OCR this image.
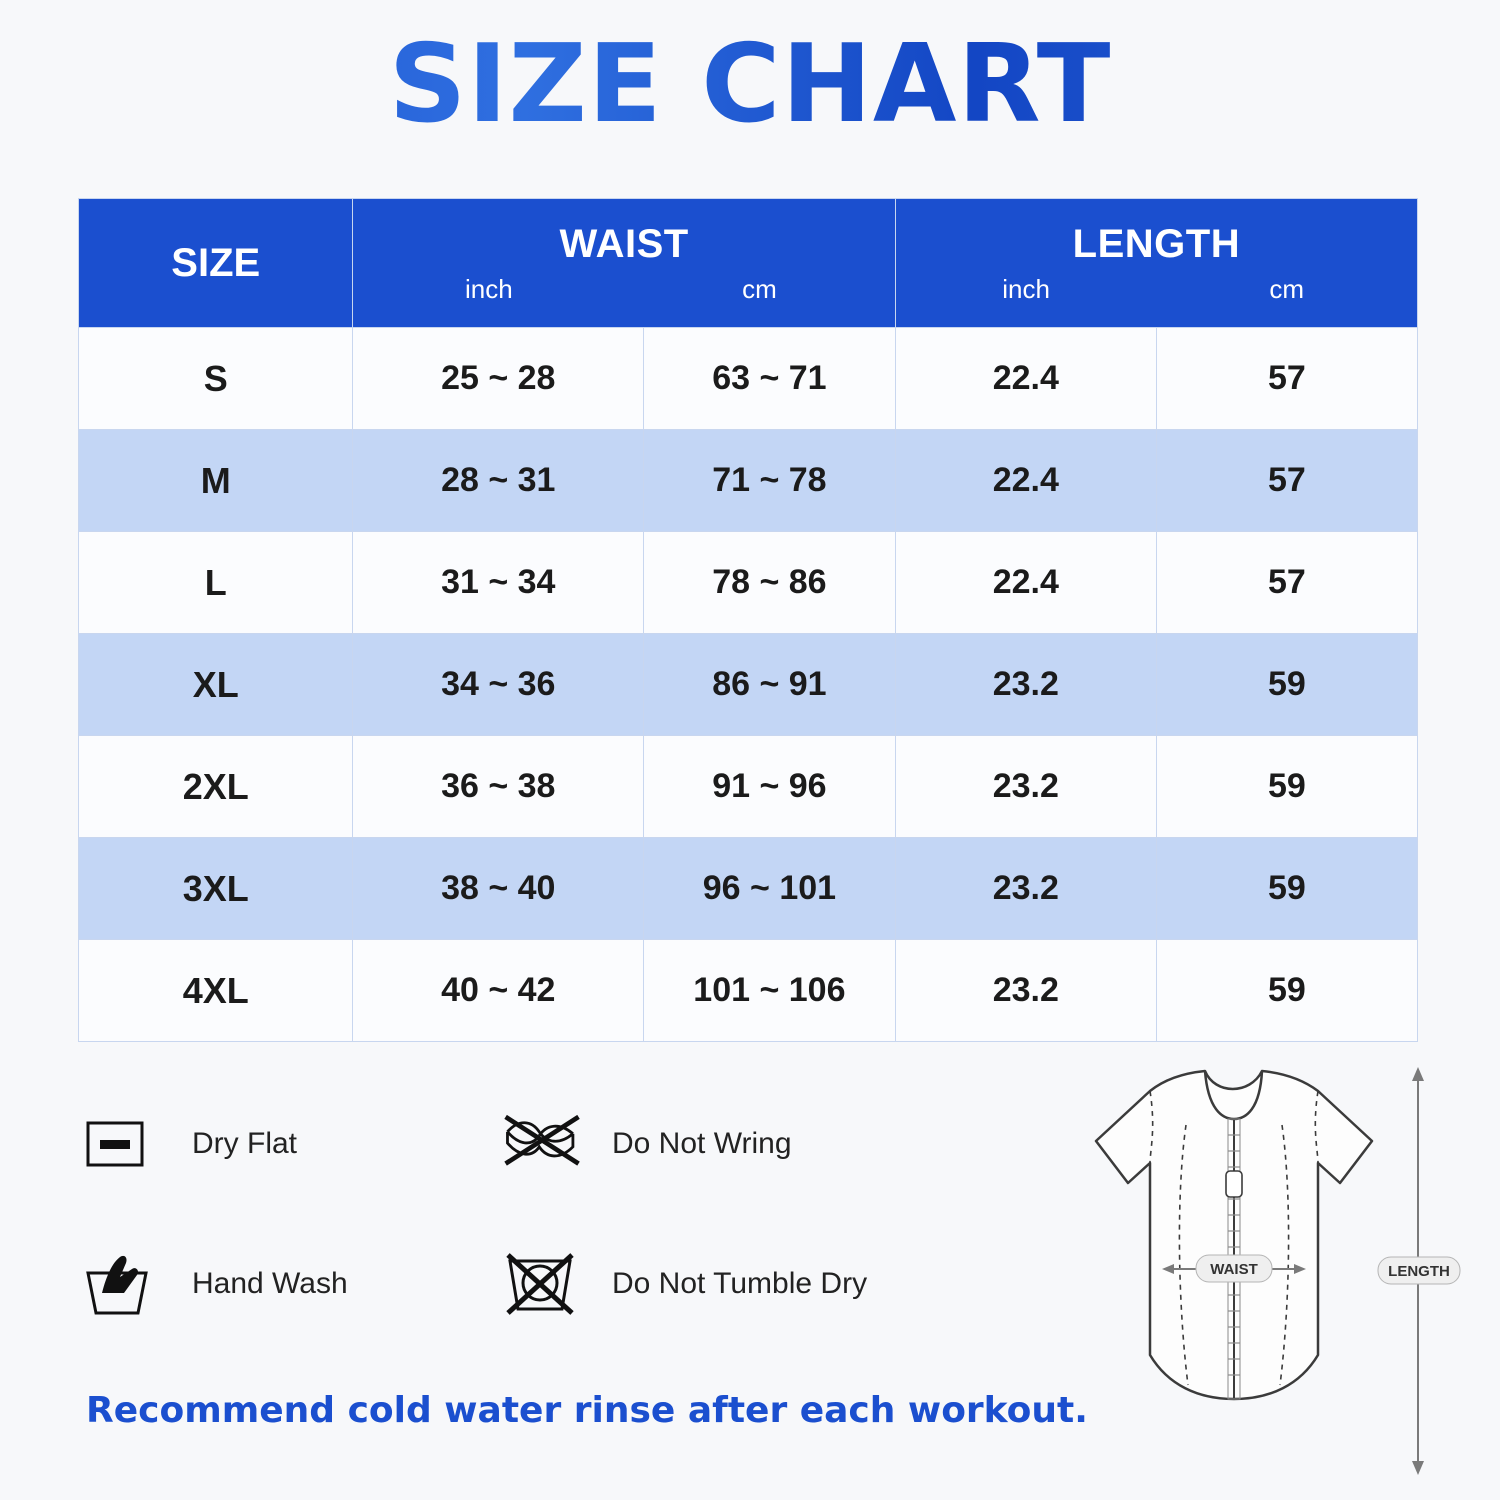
SIZE CHART
SIZE	WAIST
inch	cm

LENGTH
inch	cm

S	25 ~ 28	63 ~ 71	22.4	57
M	28 ~ 31	71 ~ 78	22.4	57
L	31 ~ 34	78 ~ 86	22.4	57
XL	34 ~ 36	86 ~ 91	23.2	59
2XL	36 ~ 38	91 ~ 96	23.2	59
3XL	38 ~ 40	96 ~ 101	23.2	59
4XL	40 ~ 42	101 ~ 106	23.2	59
Dry Flat	Do Not Wring
Hand Wash	Do Not Tumble Dry	WAIST	LENGTH
Recommend cold water rinse after each workout.
